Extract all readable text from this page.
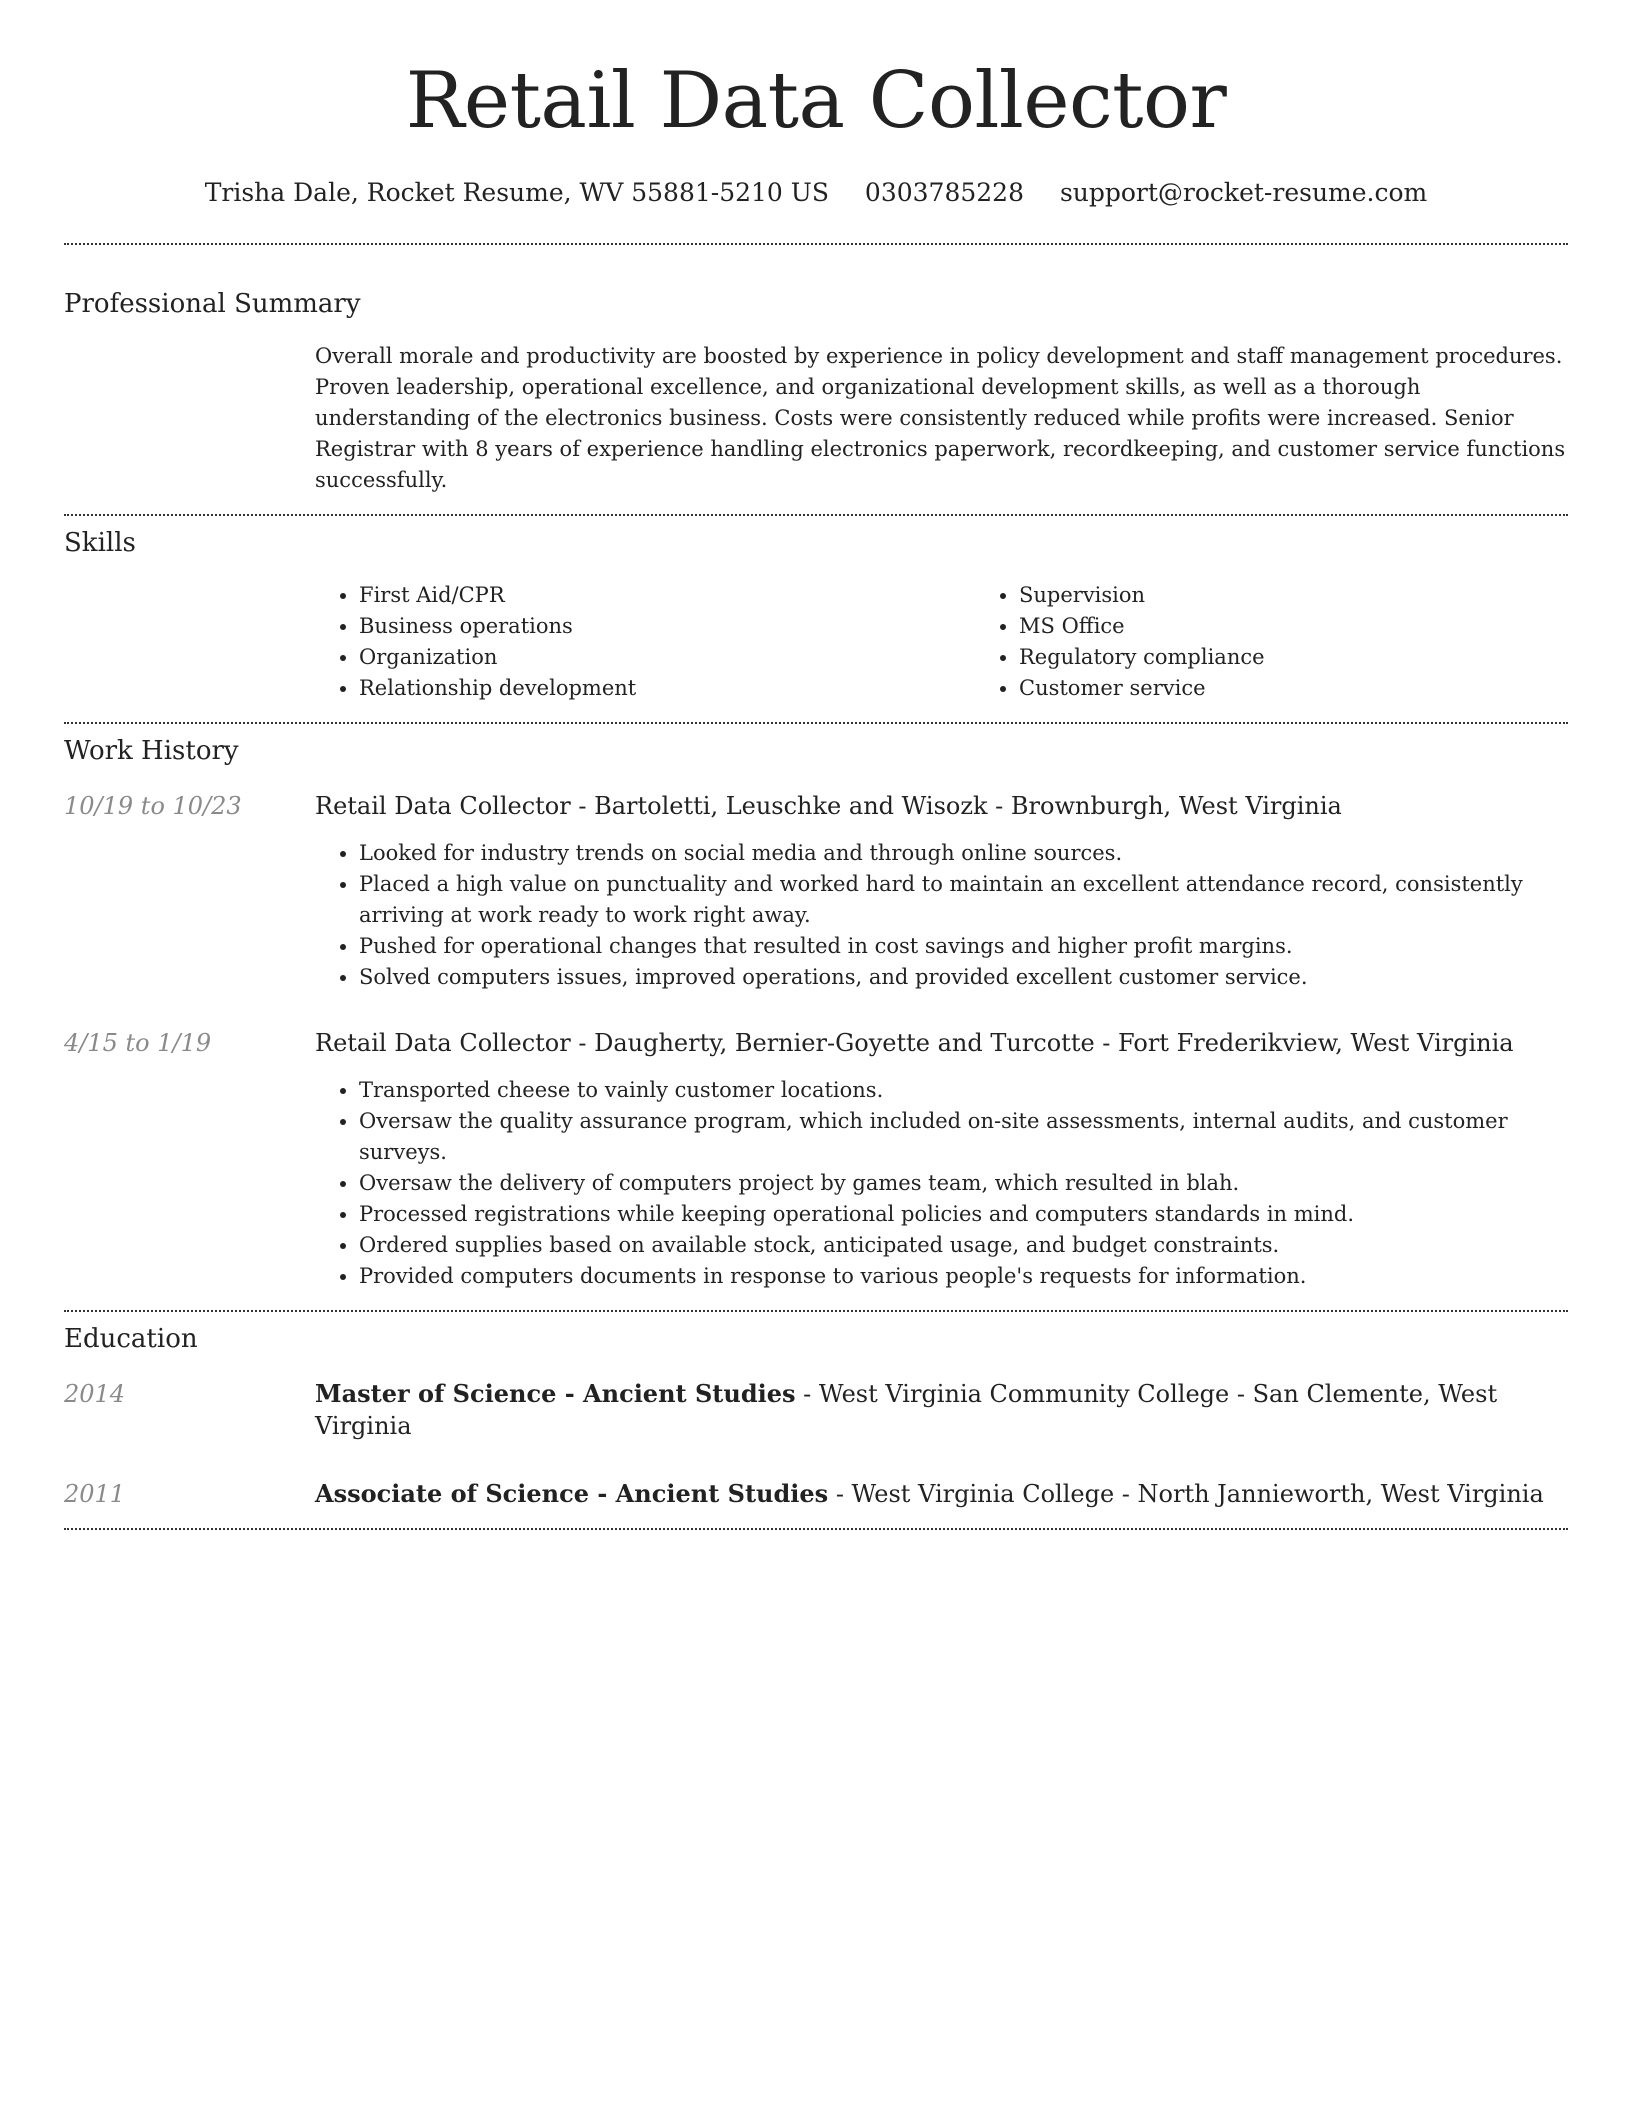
Retail Data Collector
Trisha Dale, Rocket Resume, WV 55881-5210 US 0303785228 support@rocket-resume.com
Professional Summary

Overall morale and productivity are boosted by experience in policy development and staff management procedures. Proven leadership, operational excellence, and organizational development skills, as well as a thorough understanding of the electronics business. Costs were consistently reduced while profits were increased. Senior Registrar with 8 years of experience handling electronics paperwork, recordkeeping, and customer service functions successfully.

Skills
• First Aid/CPR
• Business operations
• Organization
• Relationship development
• Supervision
• MS Office
• Regulatory compliance
• Customer service
Work History
10/19 to 10/23	Retail Data Collector - Bartoletti, Leuschke and Wisozk - Brownburgh, West Virginia
• Looked for industry trends on social media and through online sources.
• Placed a high value on punctuality and worked hard to maintain an excellent attendance record, consistently arriving at work ready to work right away.
• Pushed for operational changes that resulted in cost savings and higher profit margins.
• Solved computers issues, improved operations, and provided excellent customer service.
4/15 to 1/19	Retail Data Collector - Daugherty, Bernier-Goyette and Turcotte - Fort Frederikview, West Virginia
• Transported cheese to vainly customer locations.
• Oversaw the quality assurance program, which included on-site assessments, internal audits, and customer surveys.
• Oversaw the delivery of computers project by games team, which resulted in blah.
• Processed registrations while keeping operational policies and computers standards in mind.
• Ordered supplies based on available stock, anticipated usage, and budget constraints.
• Provided computers documents in response to various people's requests for information.
Education
2014	Master of Science - Ancient Studies - West Virginia Community College - San Clemente, West Virginia
2011	Associate of Science - Ancient Studies - West Virginia College - North Jannieworth, West Virginia
